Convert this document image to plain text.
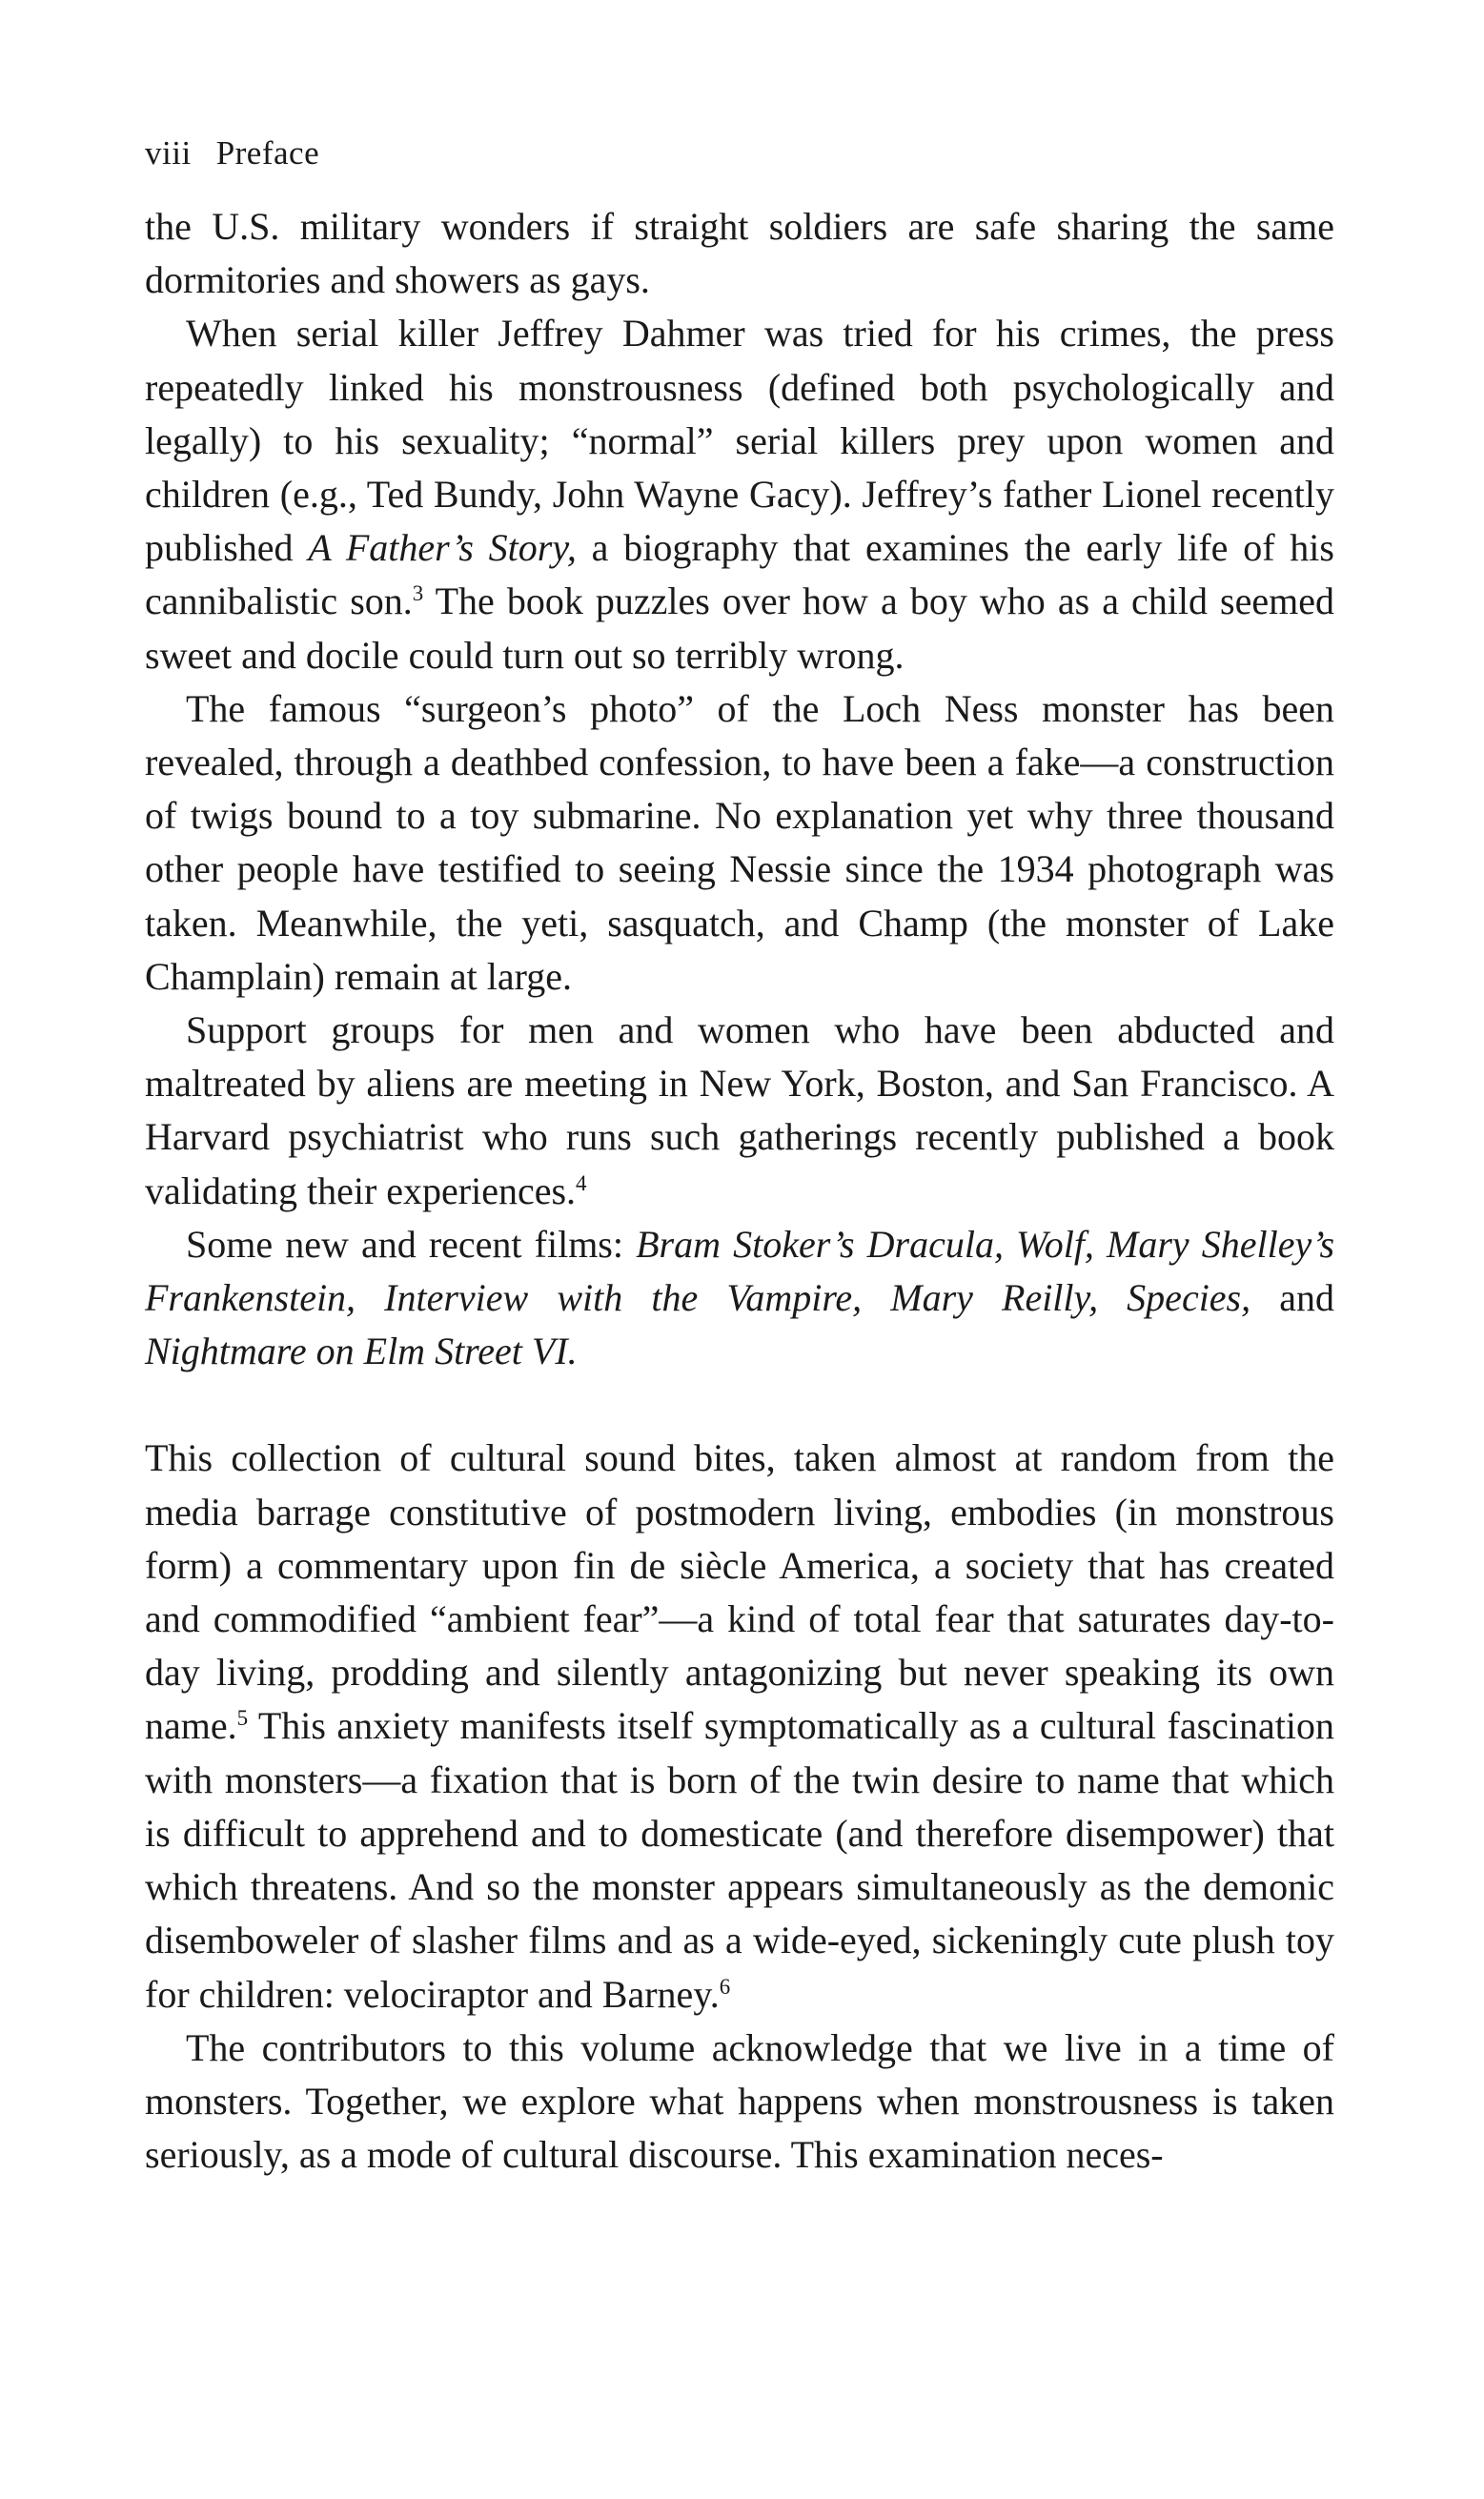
viii Preface

the U.S. military wonders if straight soldiers are safe sharing the same dormitories and showers as gays.

When serial killer Jeffrey Dahmer was tried for his crimes, the press repeatedly linked his monstrousness (defined both psychologically and legally) to his sexuality; “normal” serial killers prey upon women and children (e.g., Ted Bundy, John Wayne Gacy). Jeffrey’s father Lionel recently published A Father’s Story, a biography that examines the early life of his cannibalistic son.$^3$ The book puzzles over how a boy who as a child seemed sweet and docile could turn out so terribly wrong.

The famous “surgeon’s photo” of the Loch Ness monster has been revealed, through a deathbed confession, to have been a fake—a construction of twigs bound to a toy submarine. No explanation yet why three thousand other people have testified to seeing Nessie since the 1934 photograph was taken. Meanwhile, the yeti, sasquatch, and Champ (the monster of Lake Champlain) remain at large.

Support groups for men and women who have been abducted and maltreated by aliens are meeting in New York, Boston, and San Francisco. A Harvard psychiatrist who runs such gatherings recently published a book validating their experiences.$^4$

Some new and recent films: Bram Stoker’s Dracula, Wolf, Mary Shelley’s Frankenstein, Interview with the Vampire, Mary Reilly, Species, and Nightmare on Elm Street VI.

This collection of cultural sound bites, taken almost at random from the media barrage constitutive of postmodern living, embodies (in monstrous form) a commentary upon fin de siècle America, a society that has created and commodified “ambient fear”—a kind of total fear that saturates day-to-day living, prodding and silently antagonizing but never speaking its own name.$^5$ This anxiety manifests itself symptomatically as a cultural fascination with monsters—a fixation that is born of the twin desire to name that which is difficult to apprehend and to domesticate (and therefore disempower) that which threatens. And so the monster appears simultaneously as the demonic disemboweler of slasher films and as a wide-eyed, sickeningly cute plush toy for children: velociraptor and Barney.$^6$

The contributors to this volume acknowledge that we live in a time of monsters. Together, we explore what happens when monstrousness is taken seriously, as a mode of cultural discourse. This examination neces-
